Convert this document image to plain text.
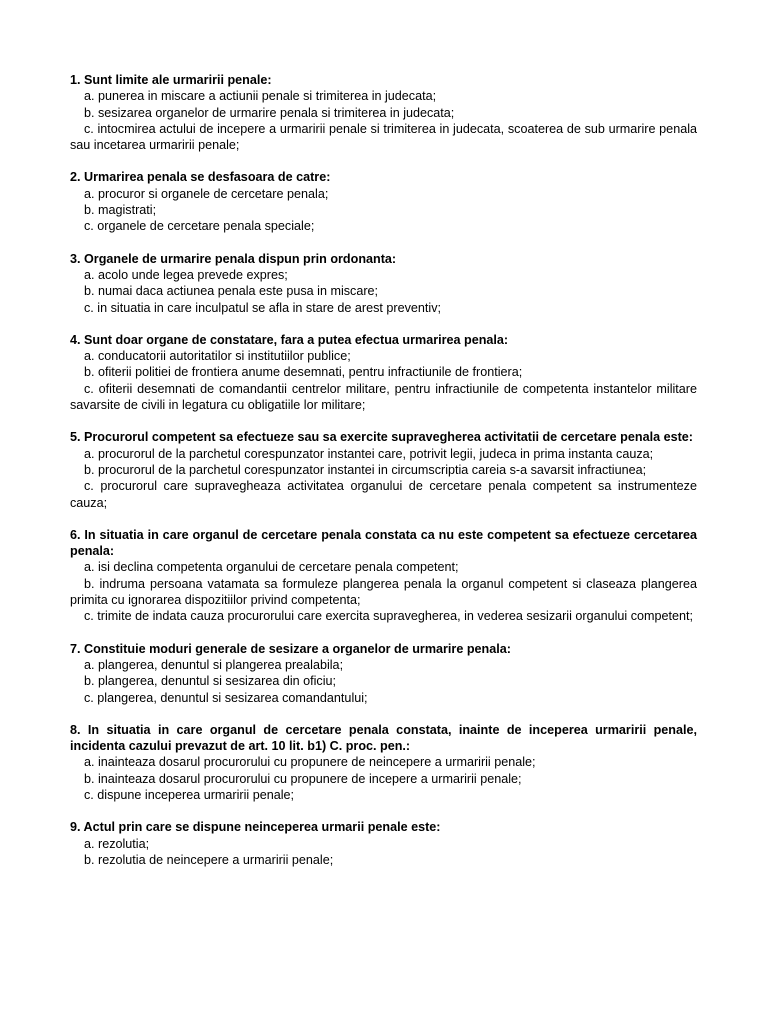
1. Sunt limite ale urmaririi penale:

a. punerea in miscare a actiunii penale si trimiterea in judecata;

b. sesizarea organelor de urmarire penala si trimiterea in judecata;

c. intocmirea actului de incepere a urmaririi penale si trimiterea in judecata, scoaterea de sub urmarire penala sau incetarea urmaririi penale;

2. Urmarirea penala se desfasoara de catre:

a. procuror si organele de cercetare penala;

b. magistrati;

c. organele de cercetare penala speciale;

3. Organele de urmarire penala dispun prin ordonanta:

a. acolo unde legea prevede expres;

b. numai daca actiunea penala este pusa in miscare;

c. in situatia in care inculpatul se afla in stare de arest preventiv;

4. Sunt doar organe de constatare, fara a putea efectua urmarirea penala:

a. conducatorii autoritatilor si institutiilor publice;

b. ofiterii politiei de frontiera anume desemnati, pentru infractiunile de frontiera;

c. ofiterii desemnati de comandantii centrelor militare, pentru infractiunile de competenta instantelor militare savarsite de civili in legatura cu obligatiile lor militare;

5. Procurorul competent sa efectueze sau sa exercite supravegherea activitatii de cercetare penala este:

a. procurorul de la parchetul corespunzator instantei care, potrivit legii, judeca in prima instanta cauza;

b. procurorul de la parchetul corespunzator instantei in circumscriptia careia s-a savarsit infractiunea;

c. procurorul care supravegheaza activitatea organului de cercetare penala competent sa instrumenteze cauza;

6. In situatia in care organul de cercetare penala constata ca nu este competent sa efectueze cercetarea penala:

a. isi declina competenta organului de cercetare penala competent;

b. indruma persoana vatamata sa formuleze plangerea penala la organul competent si claseaza plangerea primita cu ignorarea dispozitiilor privind competenta;

c. trimite de indata cauza procurorului care exercita supravegherea, in vederea sesizarii organului competent;

7. Constituie moduri generale de sesizare a organelor de urmarire penala:

a. plangerea, denuntul si plangerea prealabila;

b. plangerea, denuntul si sesizarea din oficiu;

c. plangerea, denuntul si sesizarea comandantului;

8. In situatia in care organul de cercetare penala constata, inainte de inceperea urmaririi penale, incidenta cazului prevazut de art. 10 lit. b1) C. proc. pen.:

a. inainteaza dosarul procurorului cu propunere de neincepere a urmaririi penale;

b. inainteaza dosarul procurorului cu propunere de incepere a urmaririi penale;

c. dispune inceperea urmaririi penale;

9. Actul prin care se dispune neinceperea urmarii penale este:

a. rezolutia;

b. rezolutia de neincepere a urmaririi penale;
